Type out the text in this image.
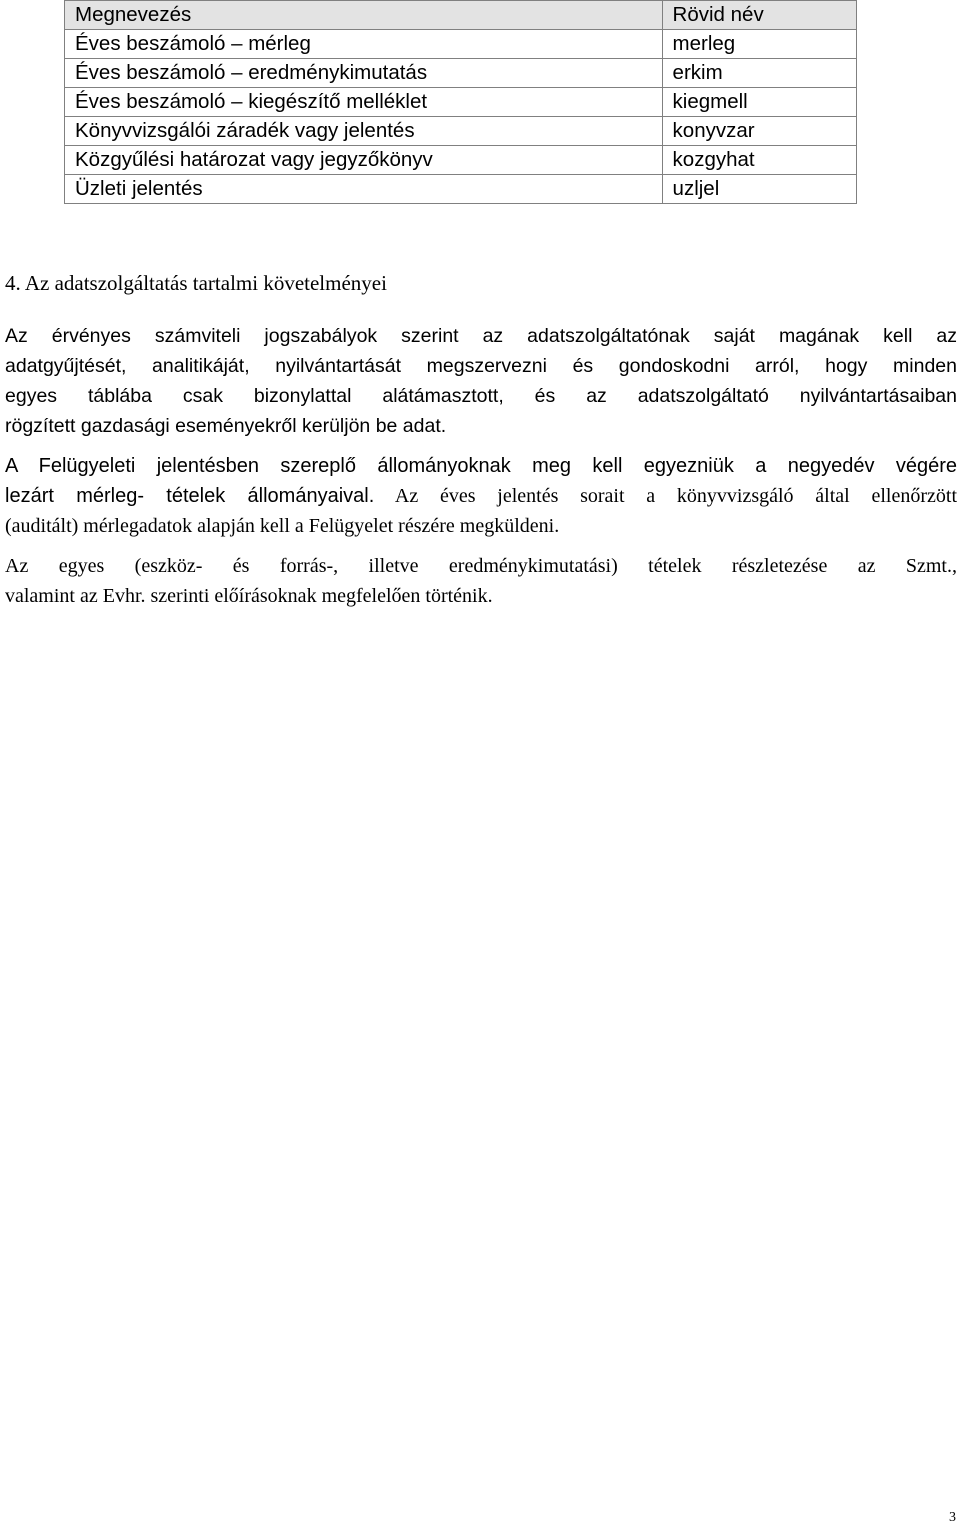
Megnevezés	Rövid név
Éves beszámoló – mérleg	merleg
Éves beszámoló – eredménykimutatás	erkim
Éves beszámoló – kiegészítő melléklet	kiegmell
Könyvvizsgálói záradék vagy jelentés	konyvzar
Közgyűlési határozat vagy jegyzőkönyv	kozgyhat
Üzleti jelentés	uzljel
4. Az adatszolgáltatás tartalmi követelményei
Az érvényes számviteli jogszabályok szerint az adatszolgáltatónak saját magának kell az
adatgyűjtését, analitikáját, nyilvántartását megszervezni és gondoskodni arról, hogy minden
egyes táblába csak bizonylattal alátámasztott, és az adatszolgáltató nyilvántartásaiban
rögzített gazdasági eseményekről kerüljön be adat.
A Felügyeleti jelentésben szereplő állományoknak meg kell egyezniük a negyedév végére
lezárt mérleg- tételek állományaival. Az éves jelentés sorait a könyvvizsgáló által ellenőrzött
(auditált) mérlegadatok alapján kell a Felügyelet részére megküldeni.
Az egyes (eszköz- és forrás-, illetve eredménykimutatási) tételek részletezése az Szmt.,
valamint az Evhr. szerinti előírásoknak megfelelően történik.
3
